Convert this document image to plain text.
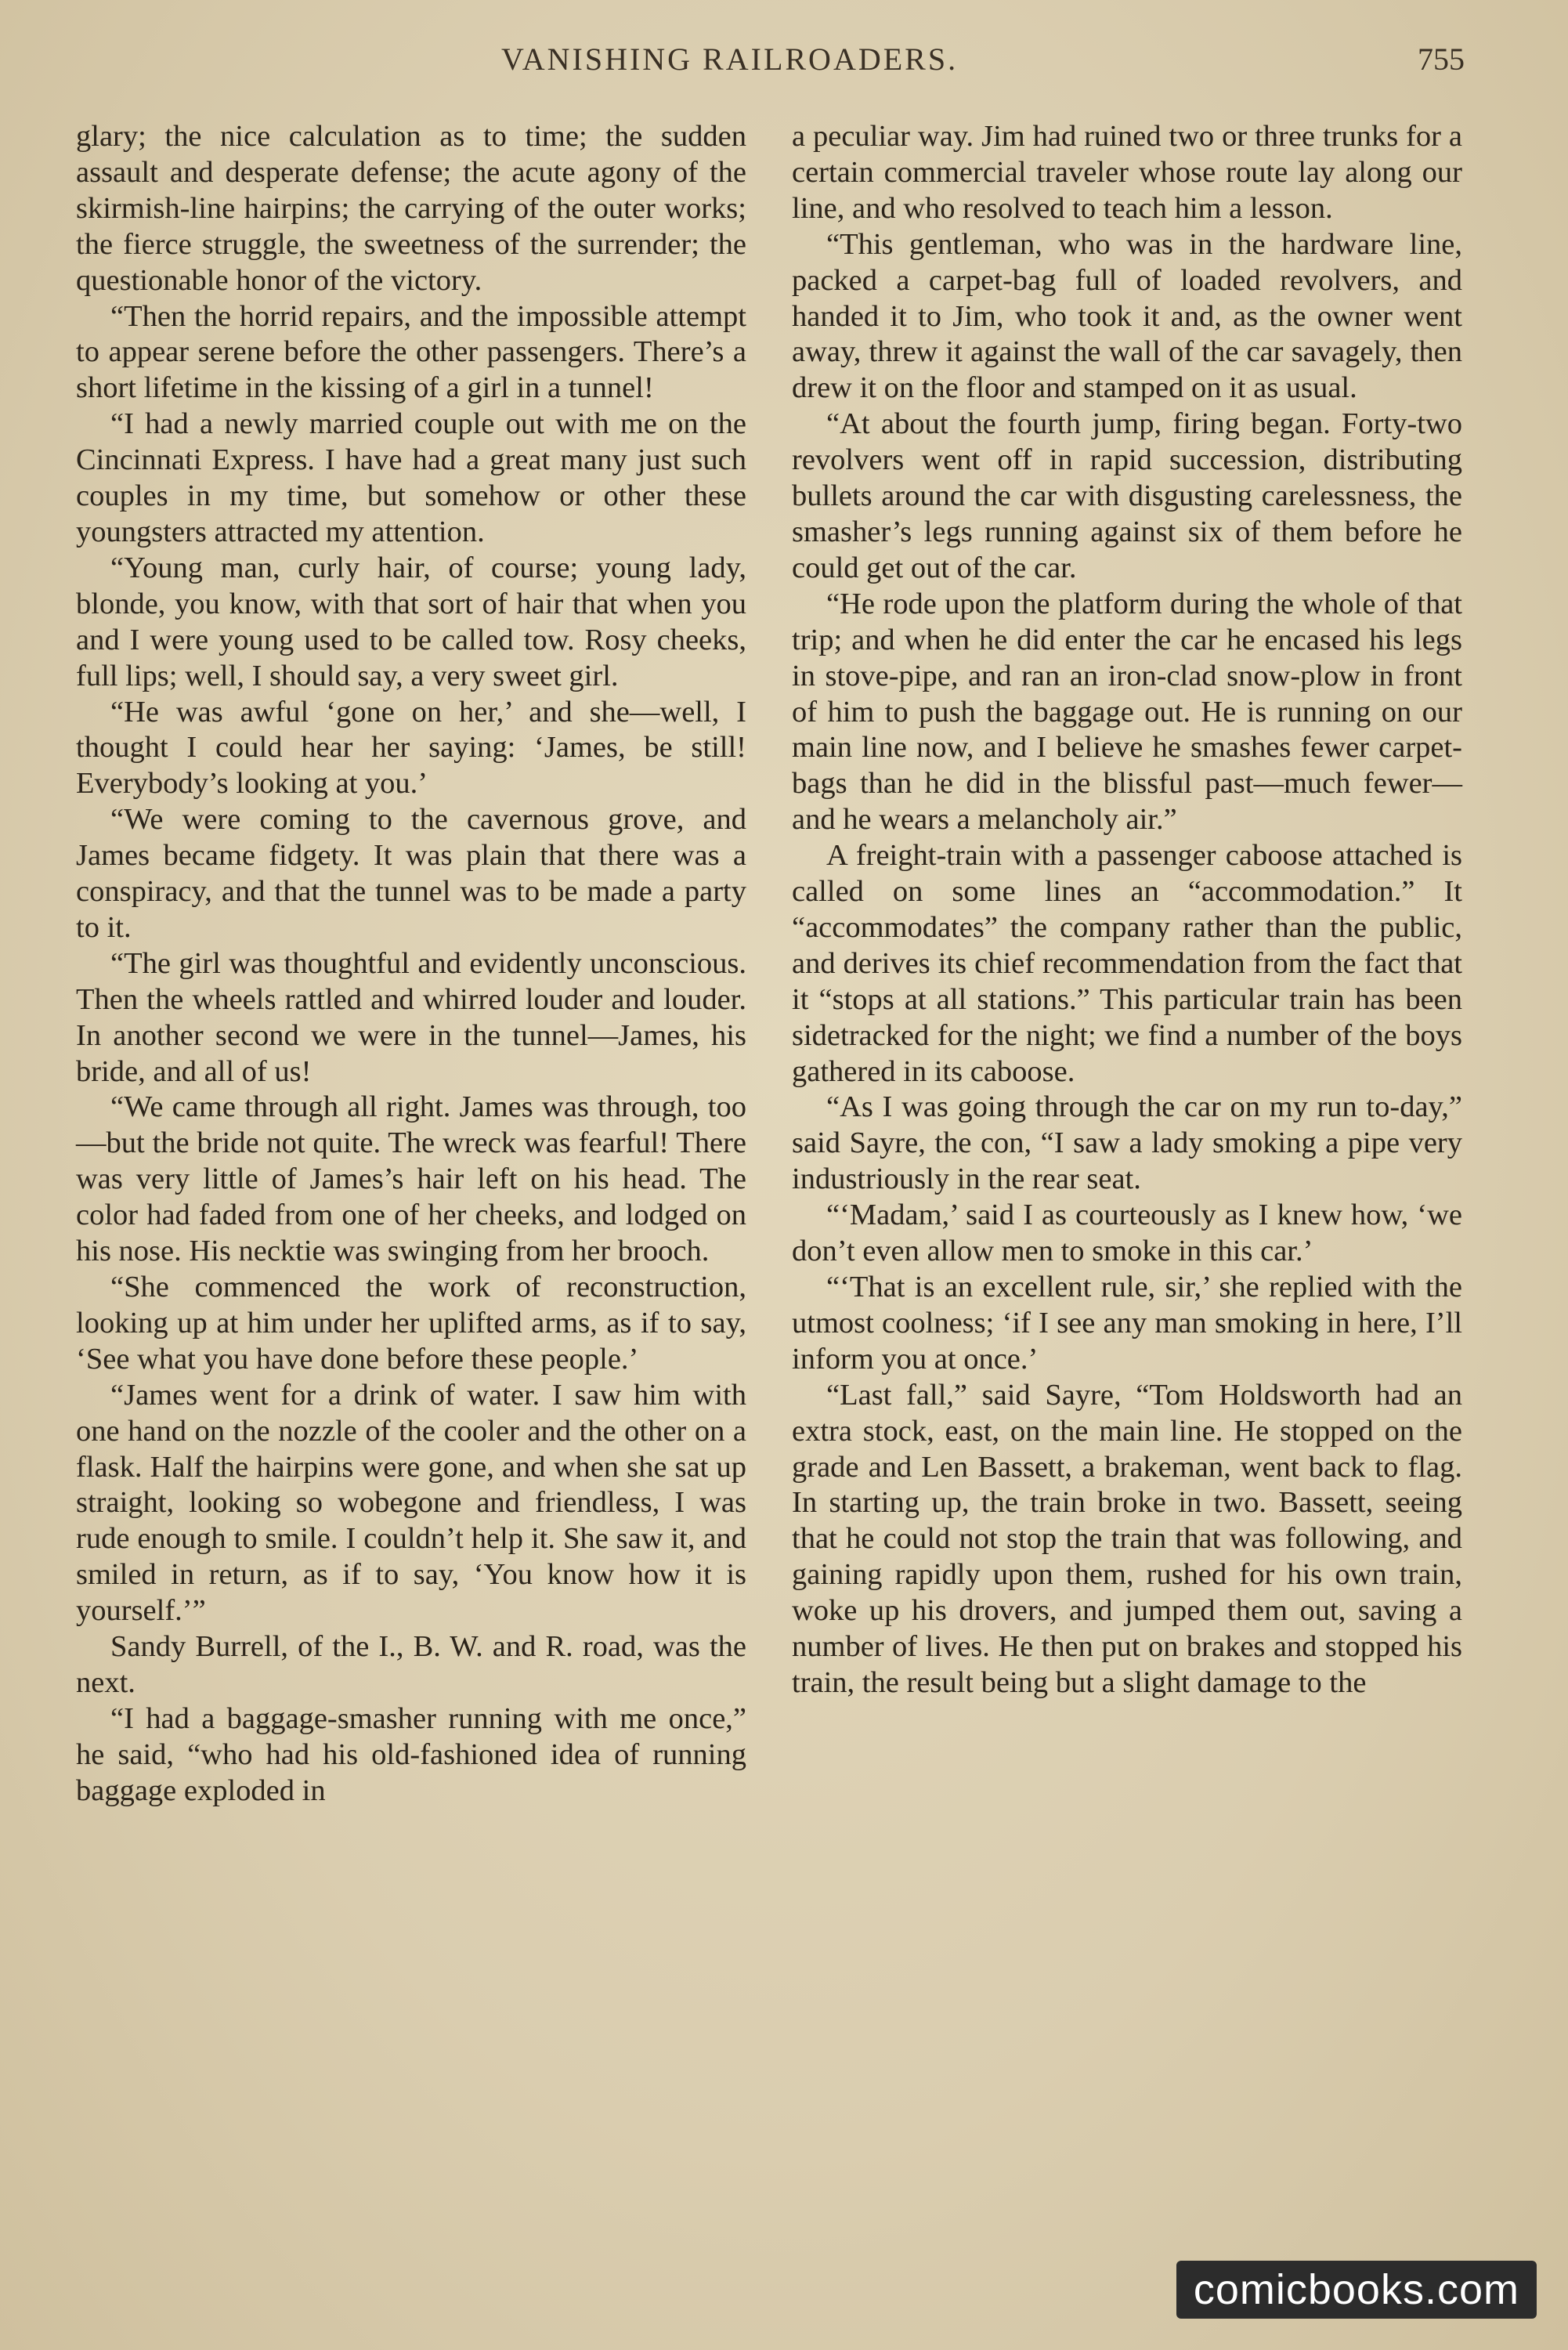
VANISHING RAILROADERS.	755

glary; the nice calculation as to time; the sudden assault and desperate defense; the acute agony of the skirmish-line hairpins; the carrying of the outer works; the fierce struggle, the sweetness of the surrender; the questionable honor of the victory.

“Then the horrid repairs, and the impossible attempt to appear serene before the other passengers. There’s a short lifetime in the kissing of a girl in a tunnel!

“I had a newly married couple out with me on the Cincinnati Express. I have had a great many just such couples in my time, but somehow or other these youngsters attracted my attention.

“Young man, curly hair, of course; young lady, blonde, you know, with that sort of hair that when you and I were young used to be called tow. Rosy cheeks, full lips; well, I should say, a very sweet girl.

“He was awful ‘gone on her,’ and she—well, I thought I could hear her saying: ‘James, be still! Everybody’s looking at you.’

“We were coming to the cavernous grove, and James became fidgety. It was plain that there was a conspiracy, and that the tunnel was to be made a party to it.

“The girl was thoughtful and evidently unconscious. Then the wheels rattled and whirred louder and louder. In another second we were in the tunnel—James, his bride, and all of us!

“We came through all right. James was through, too—but the bride not quite. The wreck was fearful! There was very little of James’s hair left on his head. The color had faded from one of her cheeks, and lodged on his nose. His necktie was swinging from her brooch.

“She commenced the work of reconstruction, looking up at him under her uplifted arms, as if to say, ‘See what you have done before these people.’

“James went for a drink of water. I saw him with one hand on the nozzle of the cooler and the other on a flask. Half the hairpins were gone, and when she sat up straight, looking so wobegone and friendless, I was rude enough to smile. I couldn’t help it. She saw it, and smiled in return, as if to say, ‘You know how it is yourself.’”

Sandy Burrell, of the I., B. W. and R. road, was the next.

“I had a baggage-smasher running with me once,” he said, “who had his old-fashioned idea of running baggage exploded in

a peculiar way. Jim had ruined two or three trunks for a certain commercial traveler whose route lay along our line, and who resolved to teach him a lesson.

“This gentleman, who was in the hardware line, packed a carpet-bag full of loaded revolvers, and handed it to Jim, who took it and, as the owner went away, threw it against the wall of the car savagely, then drew it on the floor and stamped on it as usual.

“At about the fourth jump, firing began. Forty-two revolvers went off in rapid succession, distributing bullets around the car with disgusting carelessness, the smasher’s legs running against six of them before he could get out of the car.

“He rode upon the platform during the whole of that trip; and when he did enter the car he encased his legs in stove-pipe, and ran an iron-clad snow-plow in front of him to push the baggage out. He is running on our main line now, and I believe he smashes fewer carpet-bags than he did in the blissful past—much fewer—and he wears a melancholy air.”

A freight-train with a passenger caboose attached is called on some lines an “accommodation.” It “accommodates” the company rather than the public, and derives its chief recommendation from the fact that it “stops at all stations.” This particular train has been sidetracked for the night; we find a number of the boys gathered in its caboose.

“As I was going through the car on my run to-day,” said Sayre, the con, “I saw a lady smoking a pipe very industriously in the rear seat.

“‘Madam,’ said I as courteously as I knew how, ‘we don’t even allow men to smoke in this car.’

“‘That is an excellent rule, sir,’ she replied with the utmost coolness; ‘if I see any man smoking in here, I’ll inform you at once.’

“Last fall,” said Sayre, “Tom Holdsworth had an extra stock, east, on the main line. He stopped on the grade and Len Bassett, a brakeman, went back to flag. In starting up, the train broke in two. Bassett, seeing that he could not stop the train that was following, and gaining rapidly upon them, rushed for his own train, woke up his drovers, and jumped them out, saving a number of lives. He then put on brakes and stopped his train, the result being but a slight damage to the

comicbooks.com
